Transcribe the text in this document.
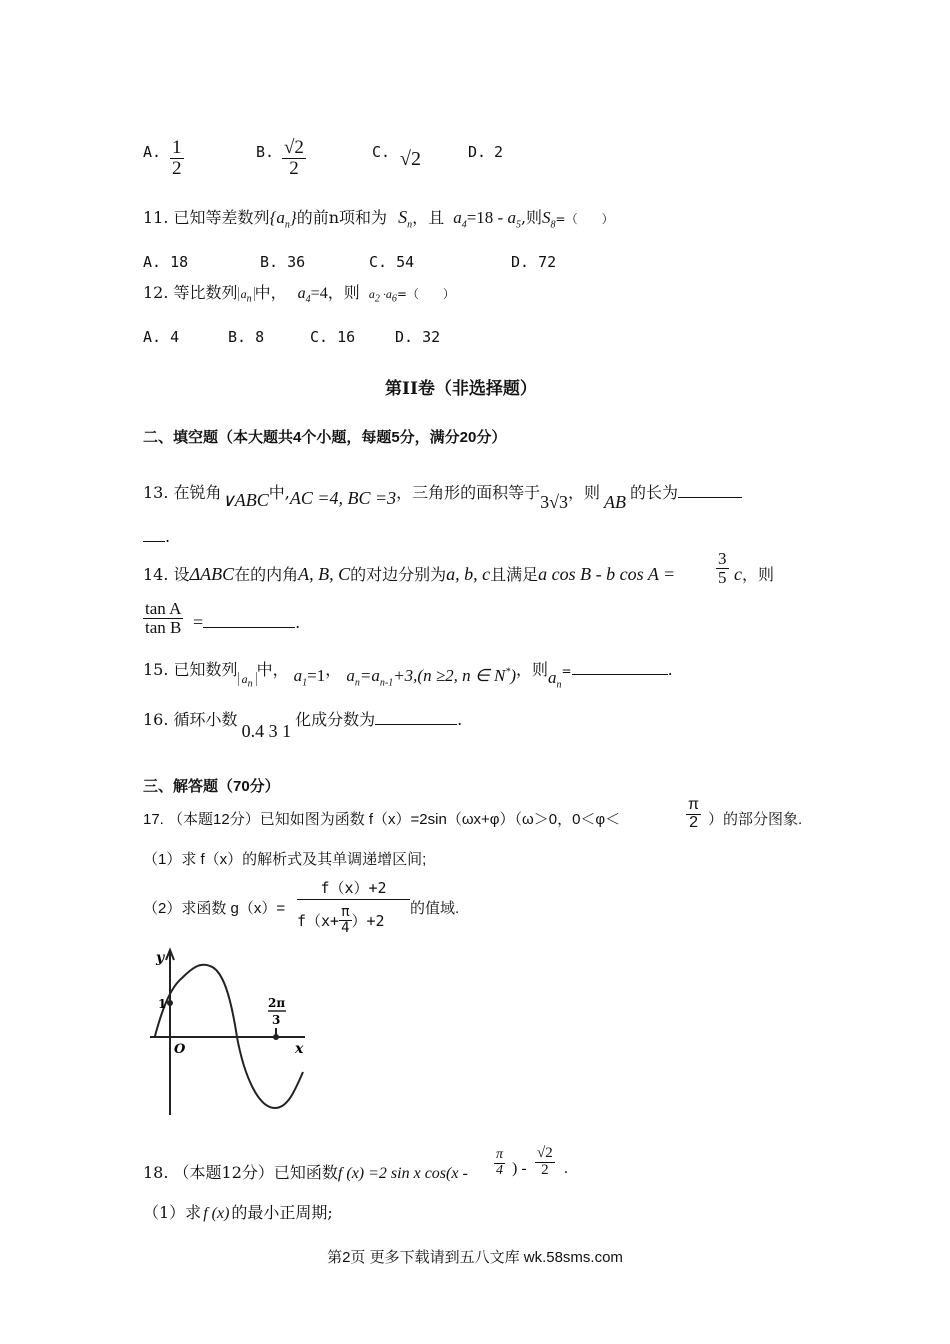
A. $\frac{1}{2}$	B. $\frac{√2}{2}$	C. √2	D. 2
11. 已知等差数列$\{a_n\}$的前n项和为 $S_n$，且 $a_4=18 - a_5$,则$S_8=$（　　）
A. 18	B. 36	C. 54	D. 72
12. 等比数列 $a_n$ 中， $a_4=4$，则 $a_2 \cdot a_6=$（　　）
A. 4	B. 8	C. 16	D. 32
第II卷（非选择题）
二、填空题（本大题共4个小题，每题5分，满分20分）
13. 在锐角∨ABC中,AC =4, BC =3，三角形的面积等于3√3，则 AB 的长为
.
14. 设ΔABC在的内角A, B, C的对边分别为a, b, c且满足a cos B - b $\cos A = \frac{3}{5}$ c，则
$\frac{\text{tan A}}{\text{tan B}}$ =	.
15. 已知数列 $_{a_n}$中， $a_1=1$， $a_n=a_{n-1}+3,(n \ge 2$, n ∈ N*)，则$a_n=$	.
16. 循环小数0.4 3 1化成分数为	.
三、解答题（70分）
17. （本题12分）已知如图为函数 f（x）=2sin（ωx+φ）（ω＞0，0＜φ＜	$\frac{\pi}{2}$ ）的部分图象.
（1）求 f（x）的解析式及其单调递增区间;
（2）求函数 g（x）=
f（x）+2
$f(x+ \frac{\pi}{4} )+2$
的值域.
y
x
O
1	2π
3
18. （本题12分）已知函数f (x) =2 sin x $\cos(x - \frac{\pi}{4}$ ) - $\frac{√2}{2}$ .
（1）求 f (x) 的最小正周期;
第2页 更多下载请到五八文库 wk.58sms.com
